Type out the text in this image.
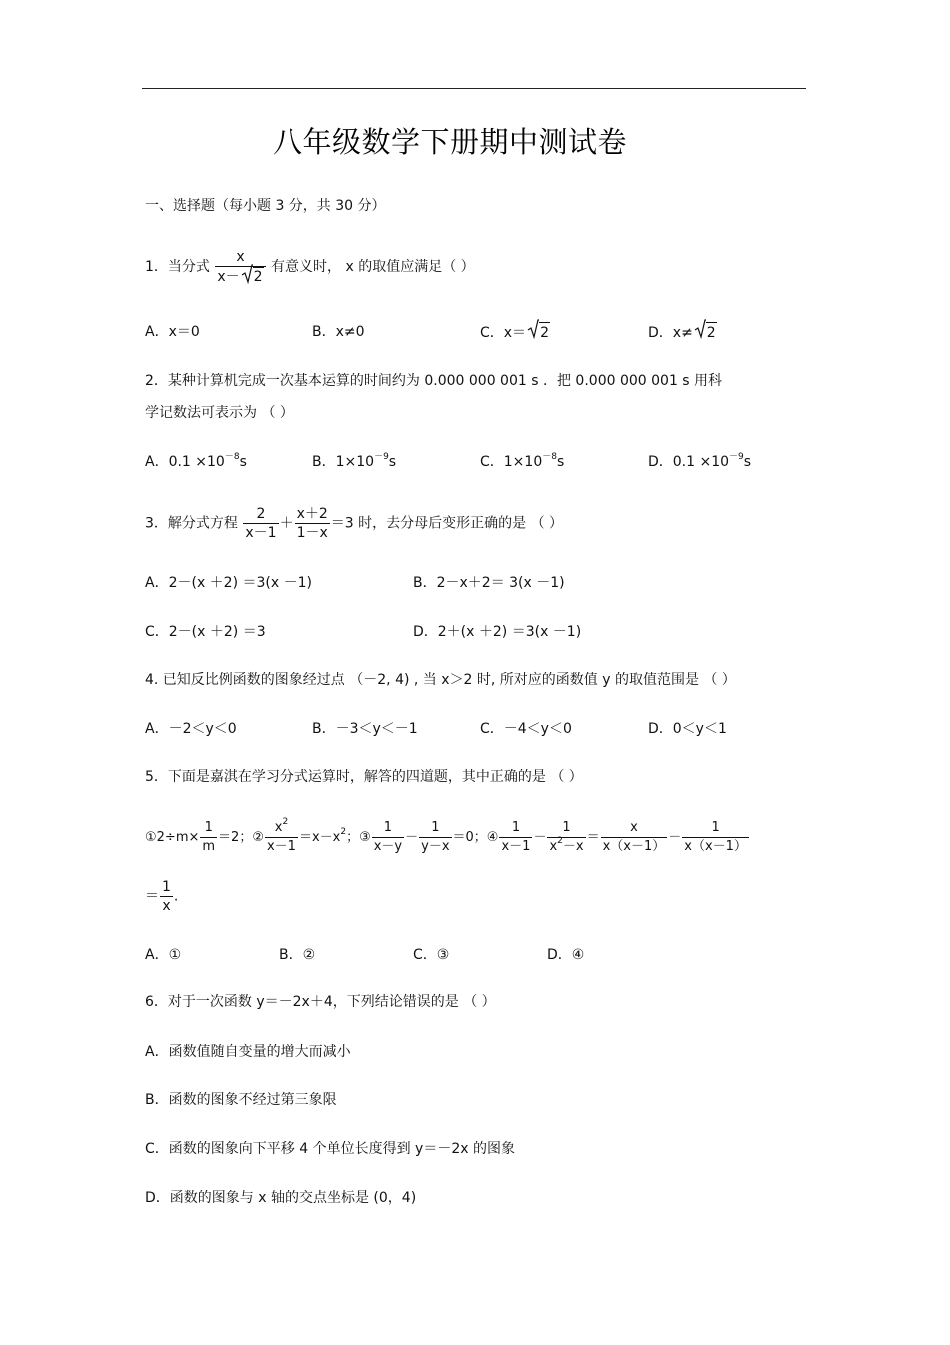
八年级数学下册期中测试卷
一、选择题（每小题 3 分，共 30 分）
1．当分式 $\frac{x}{x- 2}$ 有意义时， x 的取值应满足（ ）
A．x＝0	B．x≠0	C．x＝ 2	D．x≠ 2
2．某种计算机完成一次基本运算的时间约为 0.000 000 001 s ．把 0.000 000 001 s 用科
学记数法可表示为 （ ）
A．$0.1 \times 10^{-8}s$	B．$1\times 10^{-9}s$	C．$1\times 10^{-8}s$	D．$0.1 \times 10^{-9}s$
3．解分式方程 $\frac{2}{x-1} + \frac{x+2}{1-x} =3$ 时，去分母后变形正确的是 （ ）
A．2－(x ＋2) ＝3(x －1)	B．2－x＋2＝ 3(x －1)
C．2－(x ＋2) ＝3	D．2＋(x ＋2) ＝3(x －1)
4. 已知反比例函数的图象经过点 （－2, 4) , 当 x＞2 时, 所对应的函数值 y 的取值范围是 （ ）
A．－2＜y＜0	B．－3＜y＜－1	C．－4＜y＜0	D．0＜y＜1
5．下面是嘉淇在学习分式运算时，解答的四道题，其中正确的是 （ ）
①2÷m× $\frac{1}{m} =2$；② $\frac{x^2}{x-1} =x-x^2$；③ $\frac{1}{x-y} - \frac{1}{y-x} =0$；④ $\frac{1}{x-1} - \frac{1}{x^2-x} = \frac{x}{x(x-1)} - \frac{1}{x(x-1)}$
＝ $\frac{1}{x}$ .
A．①	B．②	C．③	D．④
6．对于一次函数 y＝－2x＋4，下列结论错误的是 （ ）
A．函数值随自变量的增大而减小
B．函数的图象不经过第三象限
C．函数的图象向下平移 4 个单位长度得到 y＝－2x 的图象
D．函数的图象与 x 轴的交点坐标是 (0，4)
